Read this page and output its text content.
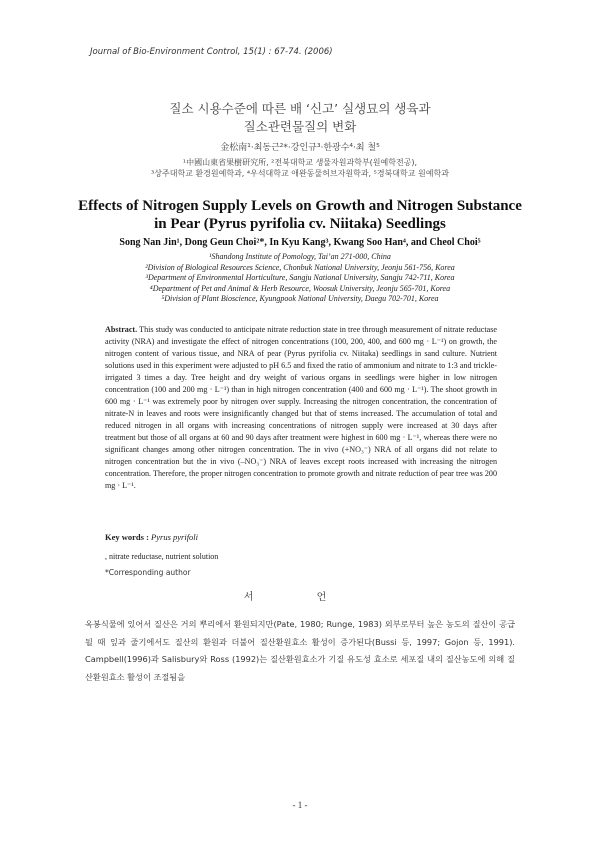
Journal of Bio-Environment Control, 15(1) : 67-74. (2006)
질소 시용수준에 따른 배 ‘신고’ 실생묘의 생육과
질소관련물질의 변화
金松南¹·최동근²*·강인규³·한광수⁴·최 철⁵
¹中國山東省果樹研究所, ²전북대학교 생물자원과학부(원예학전공),
³상주대학교 환경원예학과, ⁴우석대학교 애완동물허브자원학과, ⁵경북대학교 원예학과
Effects of Nitrogen Supply Levels on Growth and Nitrogen Substance
in Pear (Pyrus pyrifolia cv. Niitaka) Seedlings
Song Nan Jin¹, Dong Geun Choi²*, In Kyu Kang³, Kwang Soo Han⁴, and Cheol Choi⁵
¹Shandong Institute of Pomology, Tai’an 271-000, China
²Division of Biological Resources Science, Chonbuk National University, Jeonju 561-756, Korea
³Department of Environmental Horticulture, Sangju National University, Sangju 742-711, Korea
⁴Department of Pet and Animal & Herb Resource, Woosuk University, Jeonju 565-701, Korea
⁵Division of Plant Bioscience, Kyungpook National University, Daegu 702-701, Korea
Abstract. This study was conducted to anticipate nitrate reduction state in tree through measurement of nitrate reductase activity (NRA) and investigate the effect of nitrogen concentrations (100, 200, 400, and 600 mg · L⁻¹) on growth, the nitrogen content of various tissue, and NRA of pear (Pyrus pyrifolia cv. Niitaka) seedlings in sand culture. Nutrient solutions used in this experiment were adjusted to pH 6.5 and fixed the ratio of ammonium and nitrate to 1:3 and trickle-irrigated 3 times a day. Tree height and dry weight of various organs in seedlings were higher in low nitrogen concentration (100 and 200 mg · L⁻¹) than in high nitrogen concentration (400 and 600 mg · L⁻¹). The shoot growth in 600 mg · L⁻¹ was extremely poor by nitrogen over supply. Increasing the nitrogen concentration, the concentration of nitrate-N in leaves and roots were insignificantly changed but that of stems increased. The accumulation of total and reduced nitrogen in all organs with increasing concentrations of nitrogen supply were increased at 30 days after treatment but those of all organs at 60 and 90 days after treatment were highest in 600 mg · L⁻¹, whereas there were no significant changes among other nitrogen concentration. The in vivo (+NO₃⁻) NRA of all organs did not relate to nitrogen concentration but the in vivo (–NO₃⁻) NRA of leaves except roots increased with increasing the nitrogen concentration. Therefore, the proper nitrogen concentration to promote growth and nitrate reduction of pear tree was 200 mg · L⁻¹.
Key words : Pyrus pyrifoli
, nitrate reductase, nutrient solution
*Corresponding author
서 언
옥봉식물에 있어서 질산은 거의 뿌리에서 환원되지만(Pate, 1980; Runge, 1983) 외부로부터 높은 농도의 질산이 공급될 때 잎과 줄기에서도 질산의 환원과 더불어 질산환원효소 활성이 증가된다(Bussi 등, 1997; Gojon 등, 1991). Campbell(1996)과 Salisbury와 Ross (1992)는 질산환원효소가 기질 유도성 효소로 세포질 내의 질산농도에 의해 질산환원효소 활성이 조절됨을
- 1 -
